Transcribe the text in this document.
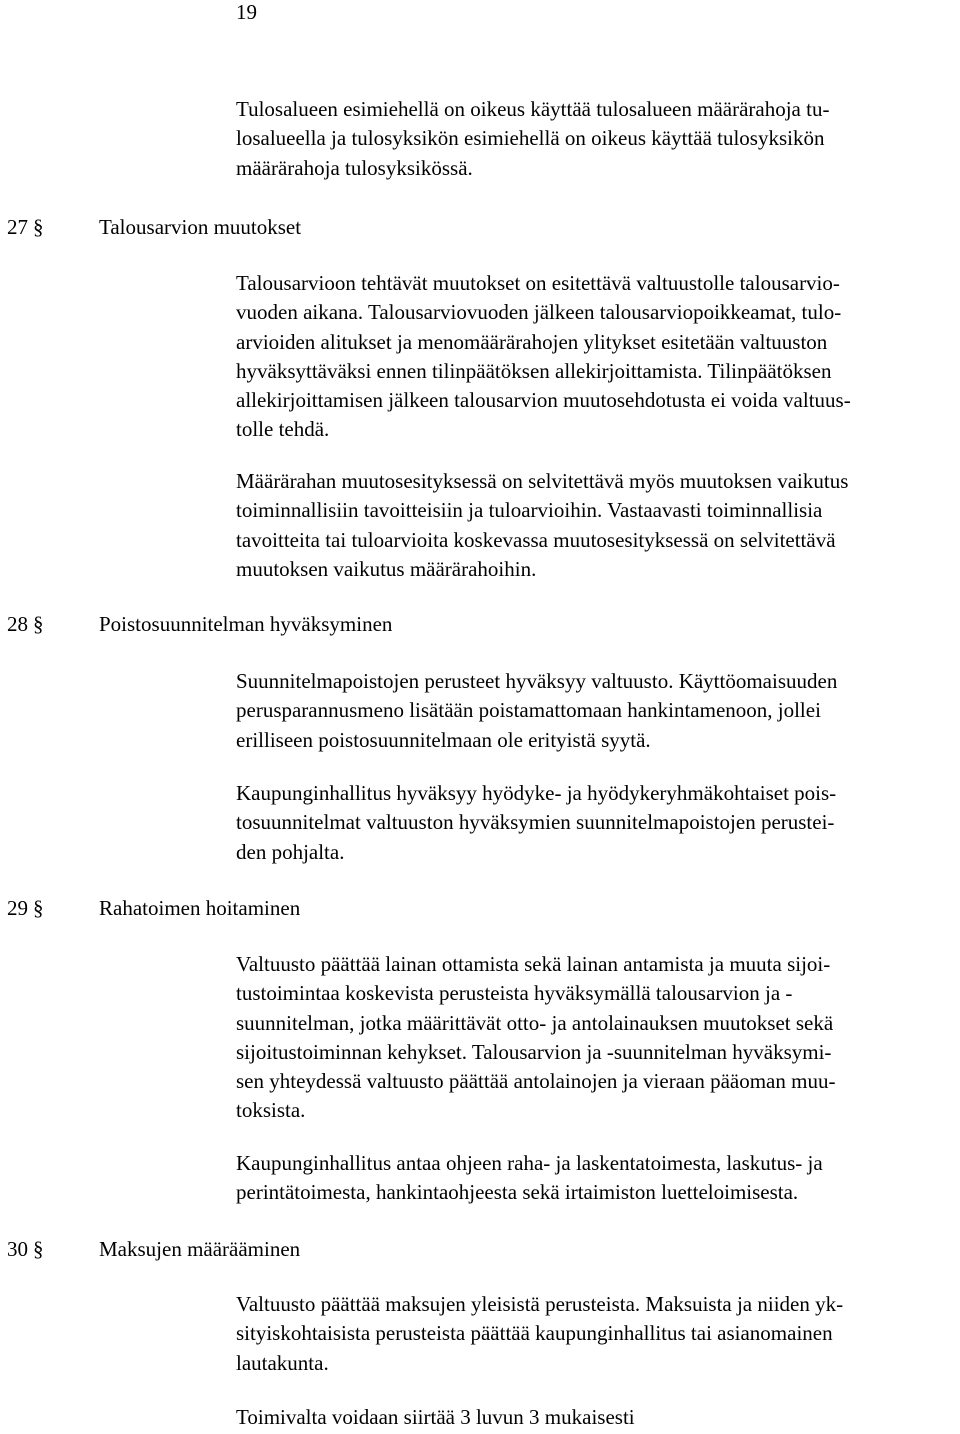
19
Tulosalueen esimiehellä on oikeus käyttää tulosalueen määrärahoja tu-
losalueella ja tulosyksikön esimiehellä on oikeus käyttää tulosyksikön
määrärahoja tulosyksikössä.
27 §	Talousarvion muutokset
Talousarvioon tehtävät muutokset on esitettävä valtuustolle talousarvio-
vuoden aikana. Talousarviovuoden jälkeen talousarviopoikkeamat, tulo-
arvioiden alitukset ja menomäärärahojen ylitykset esitetään valtuuston
hyväksyttäväksi ennen tilinpäätöksen allekirjoittamista. Tilinpäätöksen
allekirjoittamisen jälkeen talousarvion muutosehdotusta ei voida valtuus-
tolle tehdä.
Määrärahan muutosesityksessä on selvitettävä myös muutoksen vaikutus
toiminnallisiin tavoitteisiin ja tuloarvioihin. Vastaavasti toiminnallisia
tavoitteita tai tuloarvioita koskevassa muutosesityksessä on selvitettävä
muutoksen vaikutus määrärahoihin.
28 §	Poistosuunnitelman hyväksyminen
Suunnitelmapoistojen perusteet hyväksyy valtuusto. Käyttöomaisuuden
perusparannusmeno lisätään poistamattomaan hankintamenoon, jollei
erilliseen poistosuunnitelmaan ole erityistä syytä.
Kaupunginhallitus hyväksyy hyödyke- ja hyödykeryhmäkohtaiset pois-
tosuunnitelmat valtuuston hyväksymien suunnitelmapoistojen perustei-
den pohjalta.
29 §	Rahatoimen hoitaminen
Valtuusto päättää lainan ottamista sekä lainan antamista ja muuta sijoi-
tustoimintaa koskevista perusteista hyväksymällä talousarvion ja -
suunnitelman, jotka määrittävät otto- ja antolainauksen muutokset sekä
sijoitustoiminnan kehykset. Talousarvion ja -suunnitelman hyväksymi-
sen yhteydessä valtuusto päättää antolainojen ja vieraan pääoman muu-
toksista.
Kaupunginhallitus antaa ohjeen raha- ja laskentatoimesta, laskutus- ja
perintätoimesta, hankintaohjeesta sekä irtaimiston luetteloimisesta.
30 §	Maksujen määrääminen
Valtuusto päättää maksujen yleisistä perusteista. Maksuista ja niiden yk-
sityiskohtaisista perusteista päättää kaupunginhallitus tai asianomainen
lautakunta.
Toimivalta voidaan siirtää 3 luvun 3 mukaisesti
